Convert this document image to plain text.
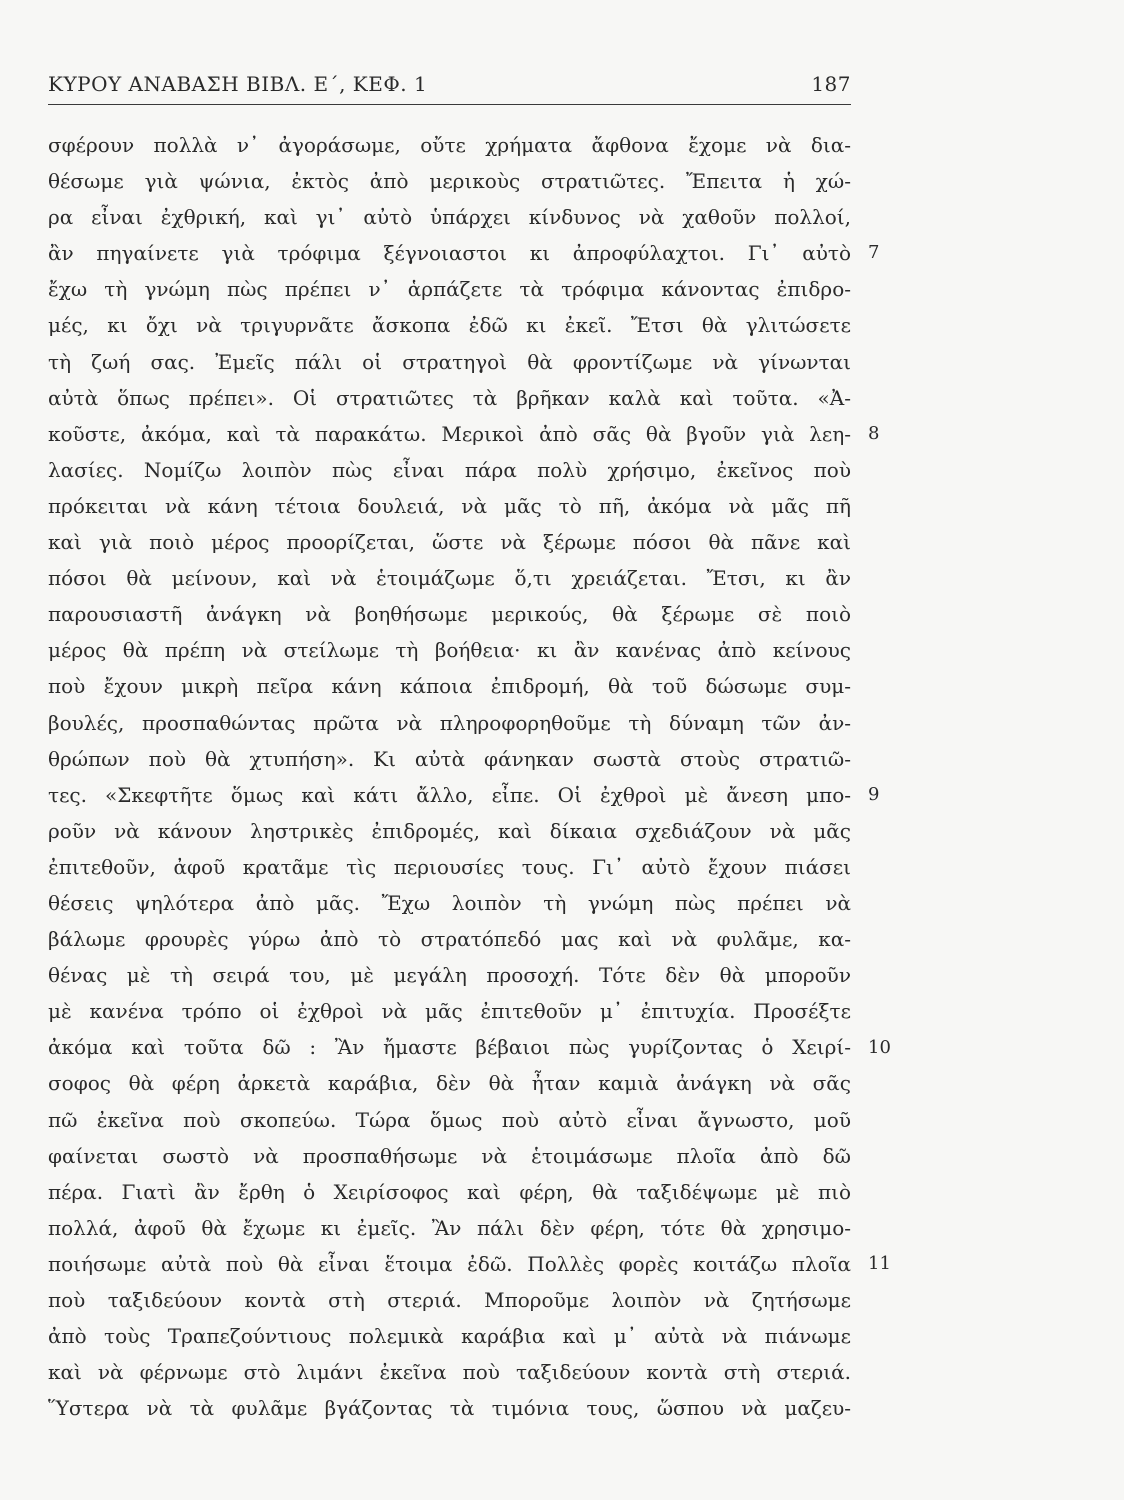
ΚΥΡΟΥ ΑΝΑΒΑΣΗ ΒΙΒΛ. Ε΄, ΚΕΦ. 1	187
σφέρουν πολλὰ ν᾽ ἀγοράσωμε, οὔτε χρήματα ἄφθονα ἔχομε νὰ δια-
θέσωμε γιὰ ψώνια, ἐκτὸς ἀπὸ μερικοὺς στρατιῶτες. Ἔπειτα ἡ χώ-
ρα εἶναι ἐχθρική, καὶ γι᾽ αὐτὸ ὑπάρχει κίνδυνος νὰ χαθοῦν πολλοί,
ἂν πηγαίνετε γιὰ τρόφιμα ξέγνοιαστοι κι ἀπροφύλαχτοι. Γι᾽ αὐτὸ
ἔχω τὴ γνώμη πὼς πρέπει ν᾽ ἁρπάζετε τὰ τρόφιμα κάνοντας ἐπιδρο-
μές, κι ὄχι νὰ τριγυρνᾶτε ἄσκοπα ἐδῶ κι ἐκεῖ. Ἔτσι θὰ γλιτώσετε
τὴ ζωή σας. Ἐμεῖς πάλι οἱ στρατηγοὶ θὰ φροντίζωμε νὰ γίνωνται
αὐτὰ ὅπως πρέπει». Οἱ στρατιῶτες τὰ βρῆκαν καλὰ καὶ τοῦτα. «Ἀ-
κοῦστε, ἀκόμα, καὶ τὰ παρακάτω. Μερικοὶ ἀπὸ σᾶς θὰ βγοῦν γιὰ λεη-
λασίες. Νομίζω λοιπὸν πὼς εἶναι πάρα πολὺ χρήσιμο, ἐκεῖνος ποὺ
πρόκειται νὰ κάνη τέτοια δουλειά, νὰ μᾶς τὸ πῆ, ἀκόμα νὰ μᾶς πῆ
καὶ γιὰ ποιὸ μέρος προορίζεται, ὥστε νὰ ξέρωμε πόσοι θὰ πᾶνε καὶ
πόσοι θὰ μείνουν, καὶ νὰ ἑτοιμάζωμε ὅ,τι χρειάζεται. Ἔτσι, κι ἂν
παρουσιαστῆ ἀνάγκη νὰ βοηθήσωμε μερικούς, θὰ ξέρωμε σὲ ποιὸ
μέρος θὰ πρέπη νὰ στείλωμε τὴ βοήθεια· κι ἂν κανένας ἀπὸ κείνους
ποὺ ἔχουν μικρὴ πεῖρα κάνη κάποια ἐπιδρομή, θὰ τοῦ δώσωμε συμ-
βουλές, προσπαθώντας πρῶτα νὰ πληροφορηθοῦμε τὴ δύναμη τῶν ἀν-
θρώπων ποὺ θὰ χτυπήση». Κι αὐτὰ φάνηκαν σωστὰ στοὺς στρατιῶ-
τες. «Σκεφτῆτε ὅμως καὶ κάτι ἄλλο, εἶπε. Οἱ ἐχθροὶ μὲ ἄνεση μπο-
ροῦν νὰ κάνουν ληστρικὲς ἐπιδρομές, καὶ δίκαια σχεδιάζουν νὰ μᾶς
ἐπιτεθοῦν, ἀφοῦ κρατᾶμε τὶς περιουσίες τους. Γι᾽ αὐτὸ ἔχουν πιάσει
θέσεις ψηλότερα ἀπὸ μᾶς. Ἔχω λοιπὸν τὴ γνώμη πὼς πρέπει νὰ
βάλωμε φρουρὲς γύρω ἀπὸ τὸ στρατόπεδό μας καὶ νὰ φυλᾶμε, κα-
θένας μὲ τὴ σειρά του, μὲ μεγάλη προσοχή. Τότε δὲν θὰ μποροῦν
μὲ κανένα τρόπο οἱ ἐχθροὶ νὰ μᾶς ἐπιτεθοῦν μ᾽ ἐπιτυχία. Προσέξτε
ἀκόμα καὶ τοῦτα δῶ : Ἂν ἤμαστε βέβαιοι πὼς γυρίζοντας ὁ Χειρί-
σοφος θὰ φέρη ἀρκετὰ καράβια, δὲν θὰ ἦταν καμιὰ ἀνάγκη νὰ σᾶς
πῶ ἐκεῖνα ποὺ σκοπεύω. Τώρα ὅμως ποὺ αὐτὸ εἶναι ἄγνωστο, μοῦ
φαίνεται σωστὸ νὰ προσπαθήσωμε νὰ ἑτοιμάσωμε πλοῖα ἀπὸ δῶ
πέρα. Γιατὶ ἂν ἔρθη ὁ Χειρίσοφος καὶ φέρη, θὰ ταξιδέψωμε μὲ πιὸ
πολλά, ἀφοῦ θὰ ἔχωμε κι ἐμεῖς. Ἂν πάλι δὲν φέρη, τότε θὰ χρησιμο-
ποιήσωμε αὐτὰ ποὺ θὰ εἶναι ἕτοιμα ἐδῶ. Πολλὲς φορὲς κοιτάζω πλοῖα
ποὺ ταξιδεύουν κοντὰ στὴ στεριά. Μποροῦμε λοιπὸν νὰ ζητήσωμε
ἀπὸ τοὺς Τραπεζούντιους πολεμικὰ καράβια καὶ μ᾽ αὐτὰ νὰ πιάνωμε
καὶ νὰ φέρνωμε στὸ λιμάνι ἐκεῖνα ποὺ ταξιδεύουν κοντὰ στὴ στεριά.
Ὕστερα νὰ τὰ φυλᾶμε βγάζοντας τὰ τιμόνια τους, ὥσπου νὰ μαζευ-
7
8
9
10
11
